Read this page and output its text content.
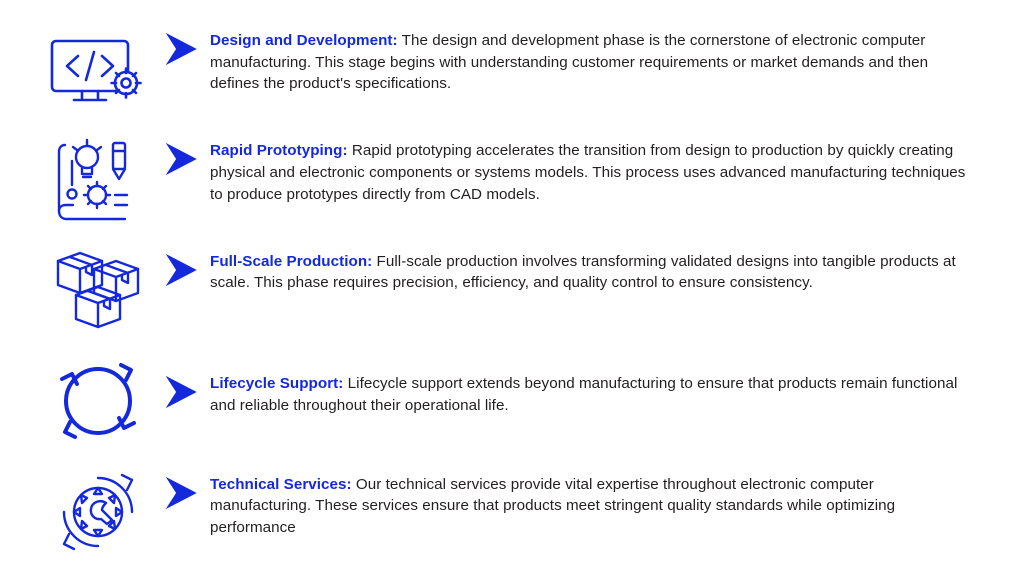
Design and Development: The design and development phase is the cornerstone of electronic computer manufacturing. This stage begins with understanding customer requirements or market demands and then defines the product's specifications.

Rapid Prototyping: Rapid prototyping accelerates the transition from design to production by quickly creating physical and electronic components or systems models. This process uses advanced manufacturing techniques to produce prototypes directly from CAD models.

Full-Scale Production: Full-scale production involves transforming validated designs into tangible products at scale. This phase requires precision, efficiency, and quality control to ensure consistency.

Lifecycle Support: Lifecycle support extends beyond manufacturing to ensure that products remain functional and reliable throughout their operational life.

Technical Services: Our technical services provide vital expertise throughout electronic computer manufacturing. These services ensure that products meet stringent quality standards while optimizing performance
